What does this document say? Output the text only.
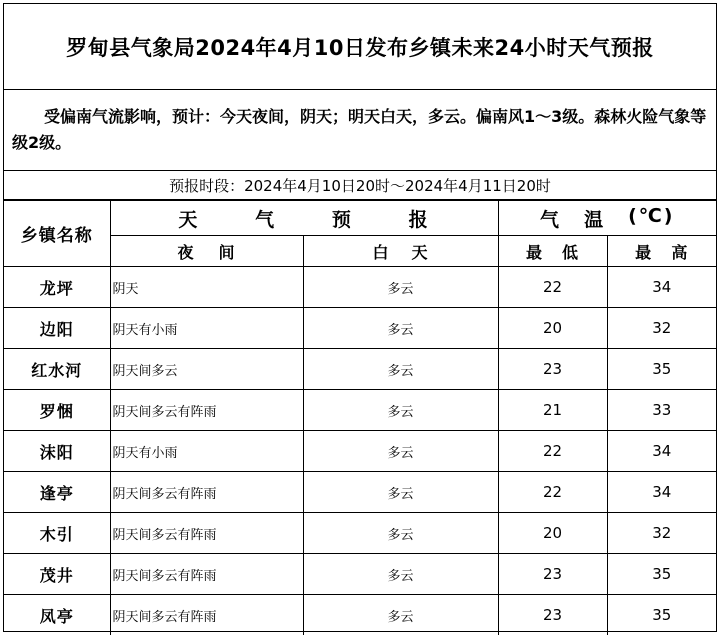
罗甸县气象局2024年4月10日发布乡镇未来24小时天气预报
受偏南气流影响，预计：今天夜间，阴天；明天白天，多云。偏南风1～3级。森林火险气象等级2级。
预报时段：2024年4月10日20时～2024年4月11日20时
乡镇名称	天 气 预 报		气 温 (℃)	

	夜 间	白 天	最 低	最 高

龙坪	阴天	多云	22	34
边阳	阴天有小雨	多云	20	32
红水河	阴天间多云	多云	23	35
罗悃	阴天间多云有阵雨	多云	21	33
沫阳	阴天有小雨	多云	22	34
逢亭	阴天间多云有阵雨	多云	22	34
木引	阴天间多云有阵雨	多云	20	32
茂井	阴天间多云有阵雨	多云	23	35
凤亭	阴天间多云有阵雨	多云	23	35
